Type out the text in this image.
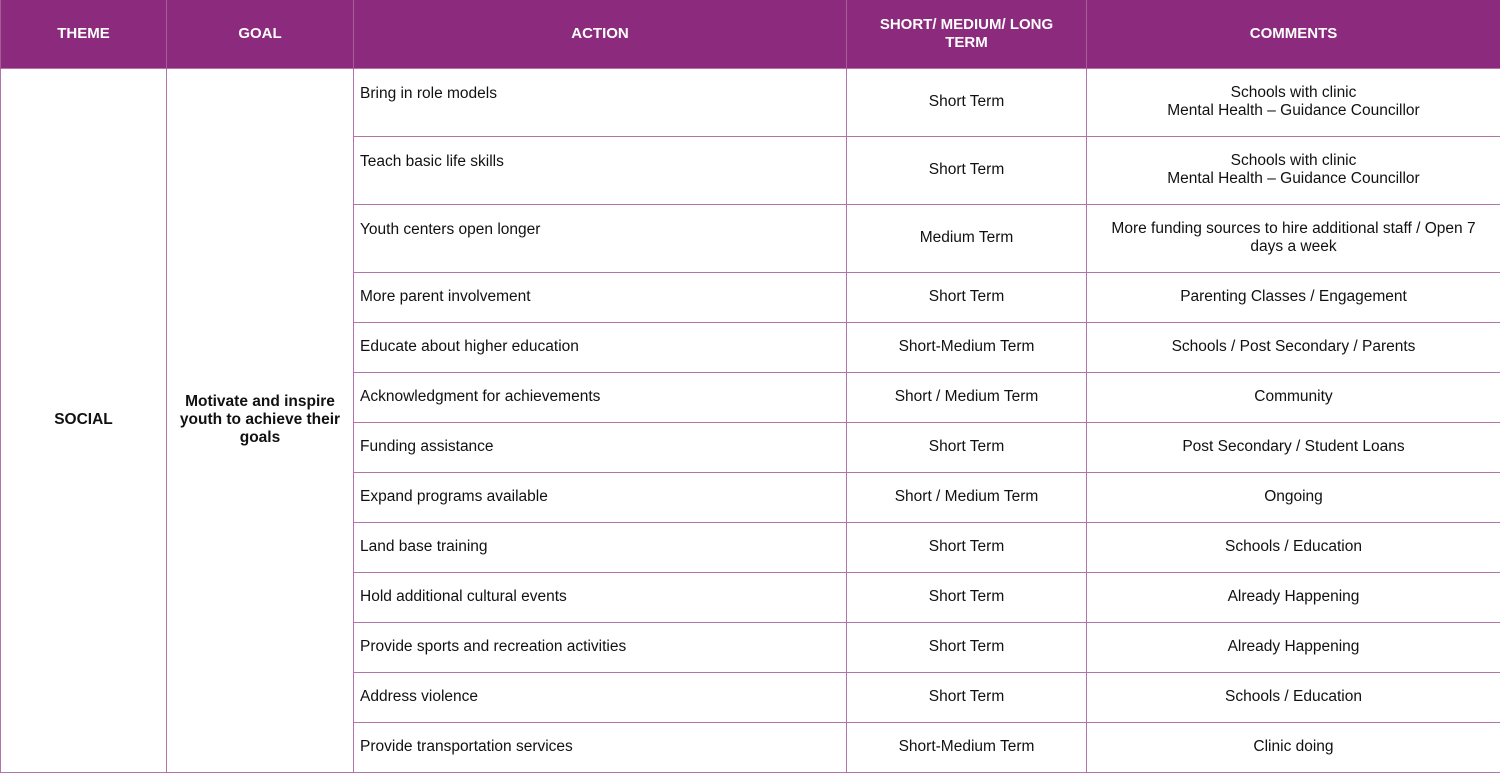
THEME	GOAL	ACTION	SHORT/ MEDIUM/ LONG TERM	COMMENTS
SOCIAL	Motivate and inspire youth to achieve their goals	Bring in role models	Short Term	Schools with clinic
Mental Health – Guidance Councillor

		Teach basic life skills	Short Term	Schools with clinic
Mental Health – Guidance Councillor

		Youth centers open longer	Medium Term	More funding sources to hire additional staff / Open 7 days a week

		More parent involvement	Short Term	Parenting Classes / Engagement

		Educate about higher education	Short-Medium Term	Schools / Post Secondary / Parents

		Acknowledgment for achievements	Short / Medium Term	Community

		Funding assistance	Short Term	Post Secondary / Student Loans

		Expand programs available	Short / Medium Term	Ongoing

		Land base training	Short Term	Schools / Education

		Hold additional cultural events	Short Term	Already Happening

		Provide sports and recreation activities	Short Term	Already Happening

		Address violence	Short Term	Schools / Education

		Provide transportation services	Short-Medium Term	Clinic doing
